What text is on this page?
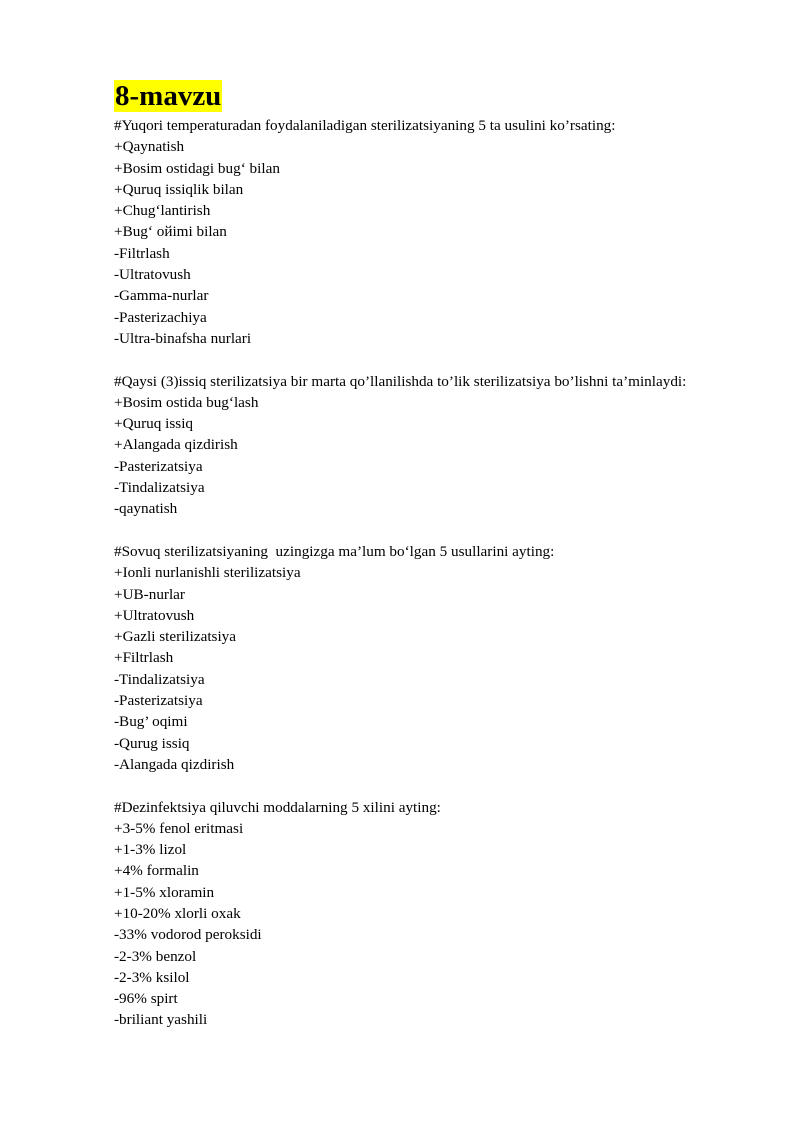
8-mavzu

#Yuqori temperaturadan foydalaniladigan sterilizatsiyaning 5 ta usulini ko’rsating:

+Qaynatish

+Bosim ostidagi bug‘ bilan

+Quruq issiqlik bilan

+Chug‘lantirish

+Bug‘ oйimi bilan

-Filtrlash

-Ultratovush

-Gamma-nurlar

-Pasterizachiya

-Ultra-binafsha nurlari

#Qaysi (3)issiq sterilizatsiya bir marta qo’llanilishda to’lik sterilizatsiya bo’lishni ta’minlaydi:

+Bosim ostida bug‘lash

+Quruq issiq

+Alangada qizdirish

-Pasterizatsiya

-Tindalizatsiya

-qaynatish

#Sovuq sterilizatsiyaning  uzingizga ma’lum bo‘lgan 5 usullarini ayting:

+Ionli nurlanishli sterilizatsiya

+UB-nurlar

+Ultratovush

+Gazli sterilizatsiya

+Filtrlash

-Tindalizatsiya

-Pasterizatsiya

-Bug’ oqimi

-Qurug issiq

-Alangada qizdirish

#Dezinfektsiya qiluvchi moddalarning 5 xilini ayting:

+3-5% fenol eritmasi

+1-3% lizol

+4% formalin

+1-5% xloramin

+10-20% xlorli oxak

-33% vodorod peroksidi

-2-3% benzol

-2-3% ksilol

-96% spirt

-briliant yashili
